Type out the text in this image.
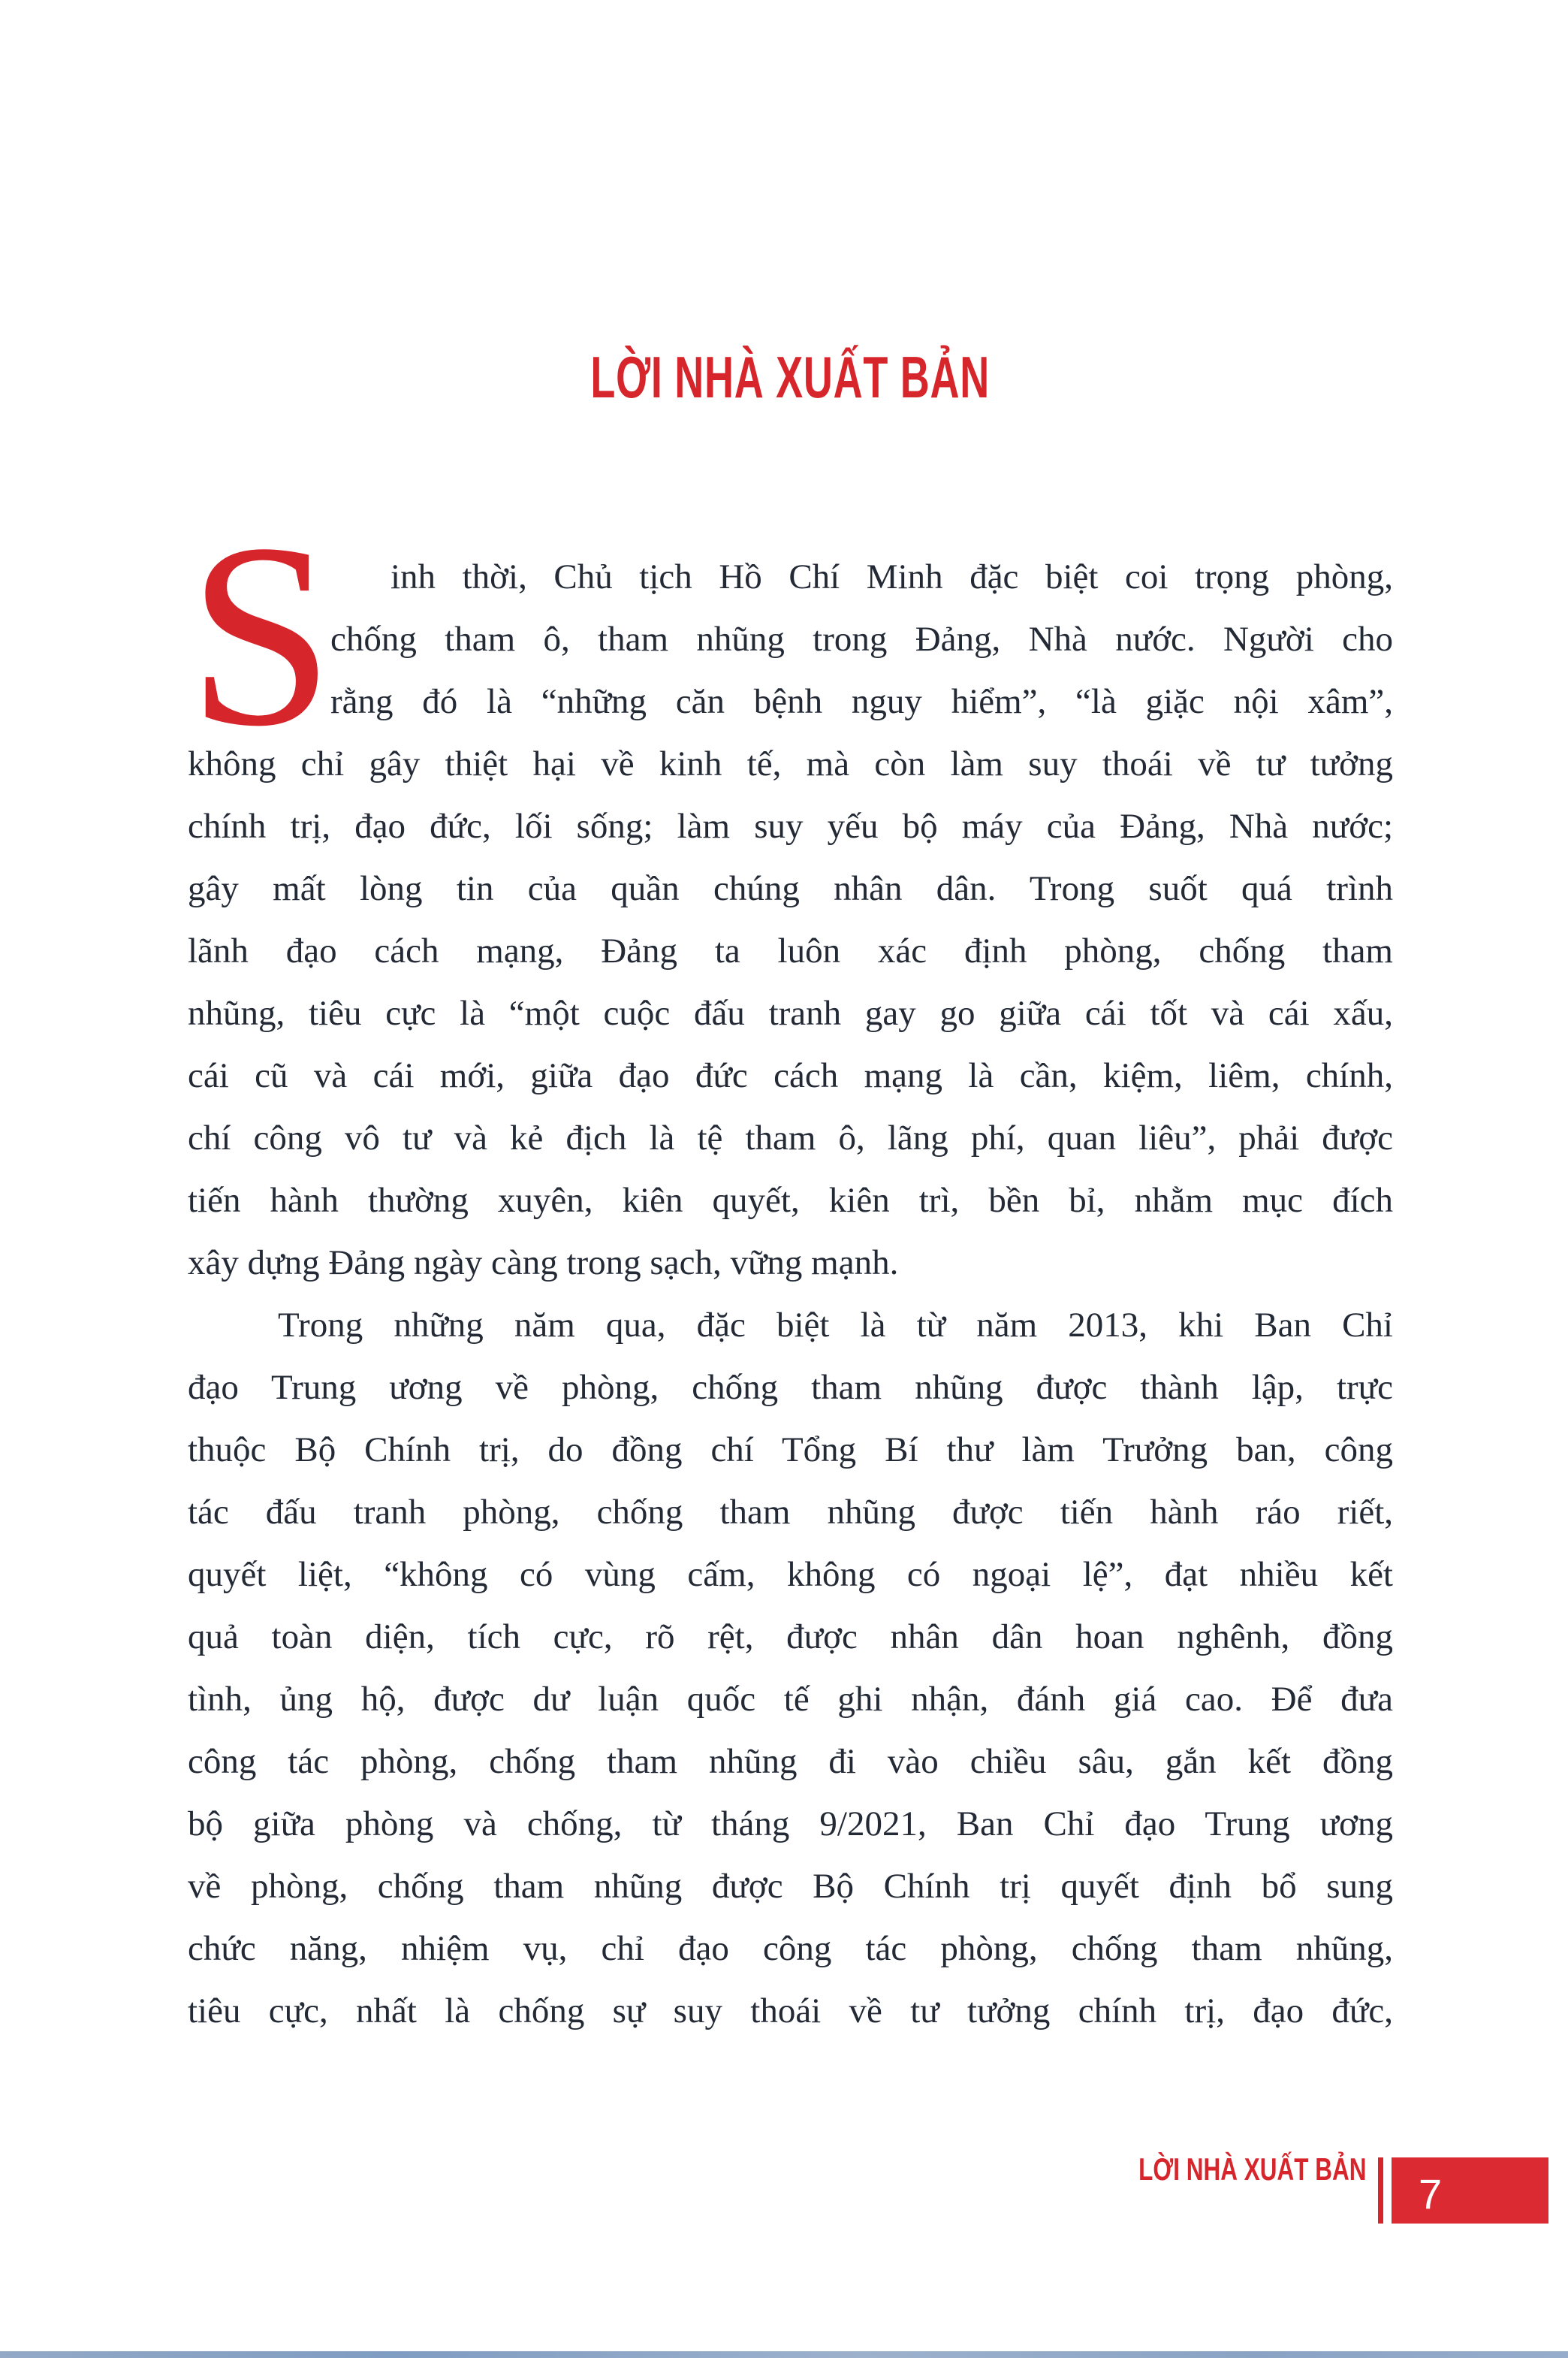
LỜI NHÀ XUẤT BẢN
S	inh thời, Chủ tịch Hồ Chí Minh đặc biệt coi trọng phòng,
chống tham ô, tham nhũng trong Đảng, Nhà nước. Người cho
rằng đó là “những căn bệnh nguy hiểm”, “là giặc nội xâm”,
không chỉ gây thiệt hại về kinh tế, mà còn làm suy thoái về tư tưởng
chính trị, đạo đức, lối sống; làm suy yếu bộ máy của Đảng, Nhà nước;
gây mất lòng tin của quần chúng nhân dân. Trong suốt quá trình
lãnh đạo cách mạng, Đảng ta luôn xác định phòng, chống tham
nhũng, tiêu cực là “một cuộc đấu tranh gay go giữa cái tốt và cái xấu,
cái cũ và cái mới, giữa đạo đức cách mạng là cần, kiệm, liêm, chính,
chí công vô tư và kẻ địch là tệ tham ô, lãng phí, quan liêu”, phải được
tiến hành thường xuyên, kiên quyết, kiên trì, bền bỉ, nhằm mục đích
xây dựng Đảng ngày càng trong sạch, vững mạnh.
Trong những năm qua, đặc biệt là từ năm 2013, khi Ban Chỉ
đạo Trung ương về phòng, chống tham nhũng được thành lập, trực
thuộc Bộ Chính trị, do đồng chí Tổng Bí thư làm Trưởng ban, công
tác đấu tranh phòng, chống tham nhũng được tiến hành ráo riết,
quyết liệt, “không có vùng cấm, không có ngoại lệ”, đạt nhiều kết
quả toàn diện, tích cực, rõ rệt, được nhân dân hoan nghênh, đồng
tình, ủng hộ, được dư luận quốc tế ghi nhận, đánh giá cao. Để đưa
công tác phòng, chống tham nhũng đi vào chiều sâu, gắn kết đồng
bộ giữa phòng và chống, từ tháng 9/2021, Ban Chỉ đạo Trung ương
về phòng, chống tham nhũng được Bộ Chính trị quyết định bổ sung
chức năng, nhiệm vụ, chỉ đạo công tác phòng, chống tham nhũng,
tiêu cực, nhất là chống sự suy thoái về tư tưởng chính trị, đạo đức,
LỜI NHÀ XUẤT BẢN
7
